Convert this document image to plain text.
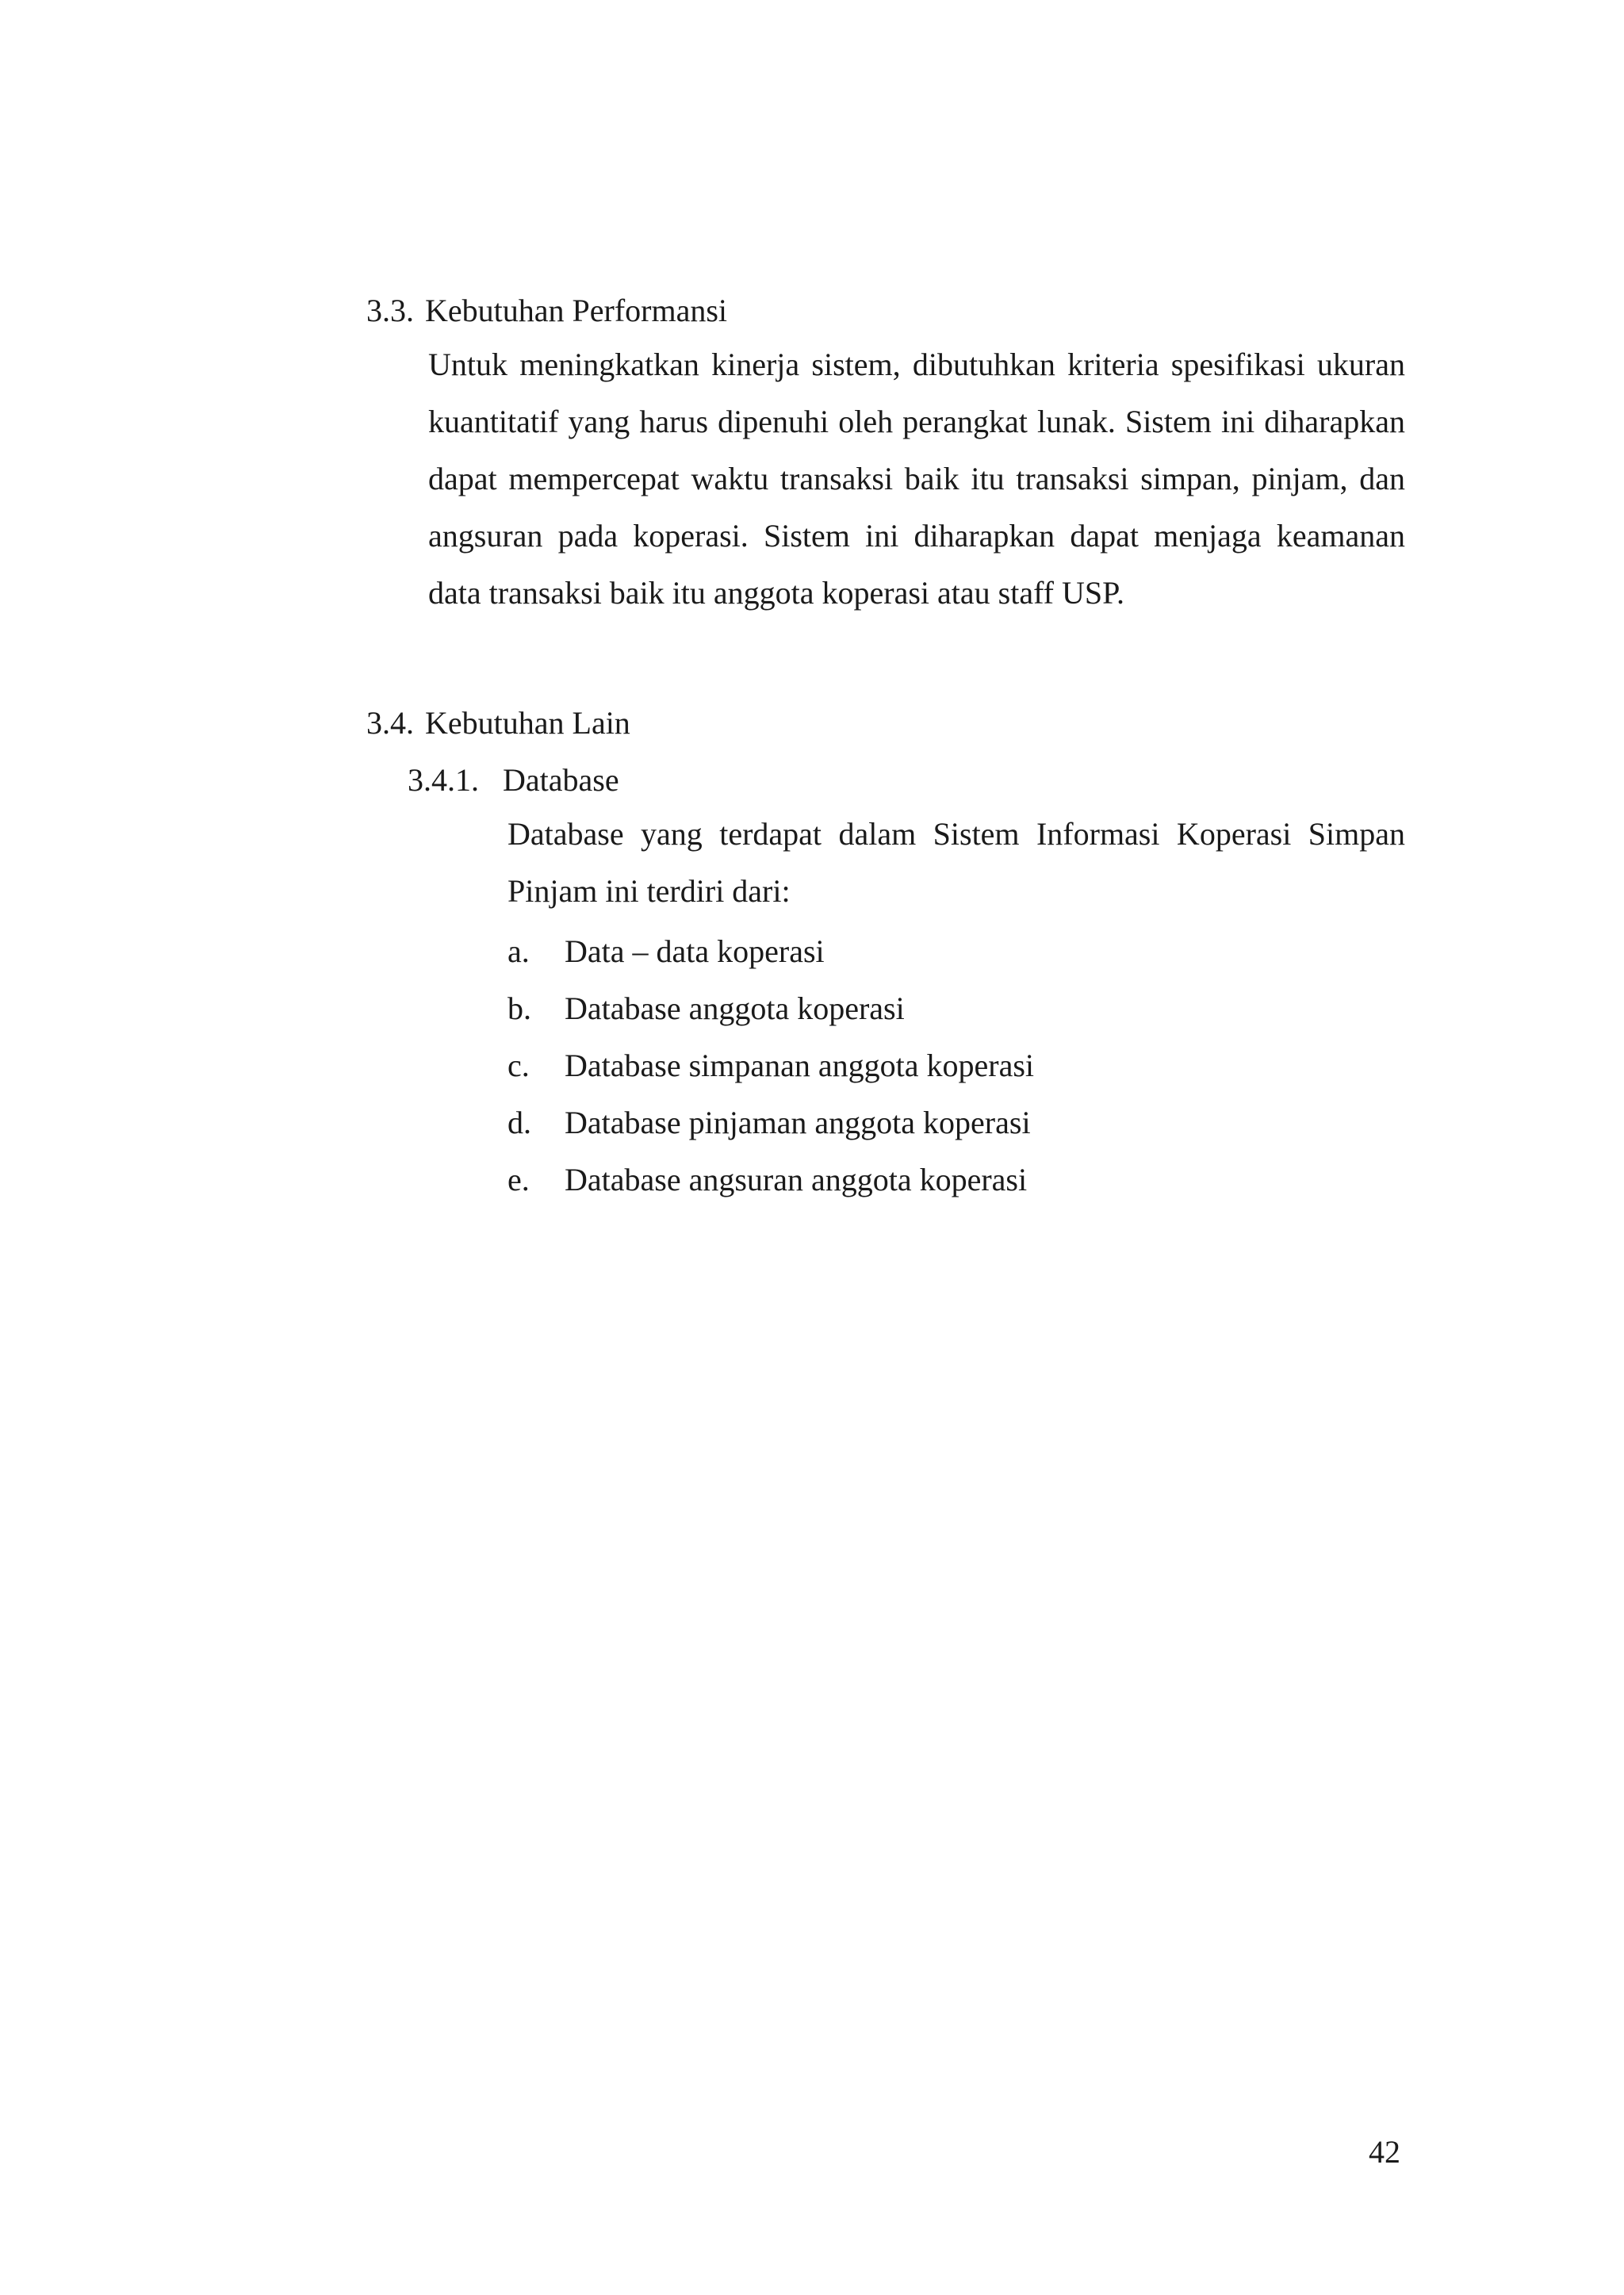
3.3. Kebutuhan Performansi

Untuk meningkatkan kinerja sistem, dibutuhkan kriteria spesifikasi ukuran kuantitatif yang harus dipenuhi oleh perangkat lunak. Sistem ini diharapkan dapat mempercepat waktu transaksi baik itu transaksi simpan, pinjam, dan angsuran pada koperasi. Sistem ini diharapkan dapat menjaga keamanan data transaksi baik itu anggota koperasi atau staff USP.

3.4. Kebutuhan Lain
3.4.1. Database

Database yang terdapat dalam Sistem Informasi Koperasi Simpan Pinjam ini terdiri dari:

a. Data – data koperasi
b. Database anggota koperasi
c. Database simpanan anggota koperasi
d. Database pinjaman anggota koperasi
e. Database angsuran anggota koperasi
42
